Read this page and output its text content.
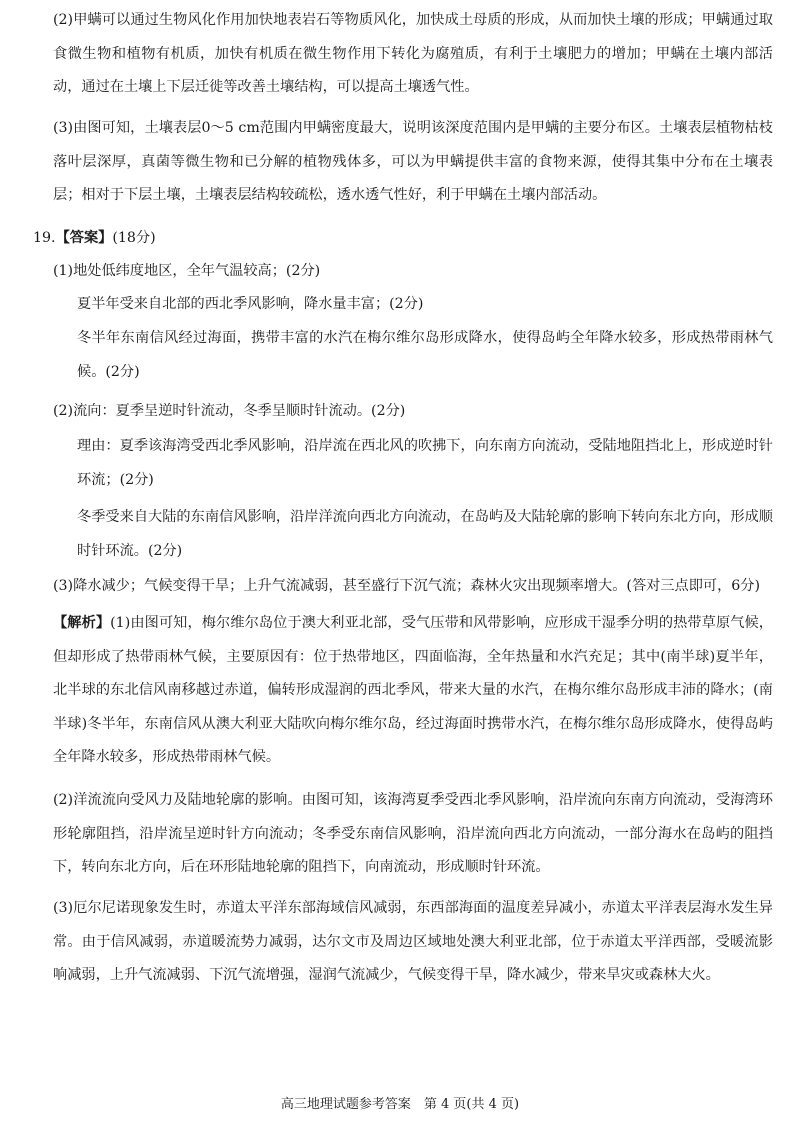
(2)甲螨可以通过生物风化作用加快地表岩石等物质风化，加快成土母质的形成，从而加快土壤的形成；甲螨通过取食微生物和植物有机质，加快有机质在微生物作用下转化为腐殖质，有利于土壤肥力的增加；甲螨在土壤内部活动，通过在土壤上下层迁徙等改善土壤结构，可以提高土壤透气性。

(3)由图可知，土壤表层0～5 cm范围内甲螨密度最大，说明该深度范围内是甲螨的主要分布区。土壤表层植物枯枝落叶层深厚，真菌等微生物和已分解的植物残体多，可以为甲螨提供丰富的食物来源，使得其集中分布在土壤表层；相对于下层土壤，土壤表层结构较疏松，透水透气性好，利于甲螨在土壤内部活动。

19.【答案】(18分)

(1)地处低纬度地区，全年气温较高；(2分)

夏半年受来自北部的西北季风影响，降水量丰富；(2分)

冬半年东南信风经过海面，携带丰富的水汽在梅尔维尔岛形成降水，使得岛屿全年降水较多，形成热带雨林气候。(2分)

(2)流向：夏季呈逆时针流动，冬季呈顺时针流动。(2分)

理由：夏季该海湾受西北季风影响，沿岸流在西北风的吹拂下，向东南方向流动，受陆地阻挡北上，形成逆时针环流；(2分)

冬季受来自大陆的东南信风影响，沿岸洋流向西北方向流动，在岛屿及大陆轮廓的影响下转向东北方向，形成顺时针环流。(2分)

(3)降水减少；气候变得干旱；上升气流减弱，甚至盛行下沉气流；森林火灾出现频率增大。(答对三点即可，6分)

【解析】(1)由图可知，梅尔维尔岛位于澳大利亚北部，受气压带和风带影响，应形成干湿季分明的热带草原气候，但却形成了热带雨林气候，主要原因有：位于热带地区，四面临海，全年热量和水汽充足；其中(南半球)夏半年，北半球的东北信风南移越过赤道，偏转形成湿润的西北季风，带来大量的水汽，在梅尔维尔岛形成丰沛的降水；(南半球)冬半年，东南信风从澳大利亚大陆吹向梅尔维尔岛，经过海面时携带水汽，在梅尔维尔岛形成降水，使得岛屿全年降水较多，形成热带雨林气候。

(2)洋流流向受风力及陆地轮廓的影响。由图可知，该海湾夏季受西北季风影响，沿岸流向东南方向流动，受海湾环形轮廓阻挡，沿岸流呈逆时针方向流动；冬季受东南信风影响，沿岸流向西北方向流动，一部分海水在岛屿的阻挡下，转向东北方向，后在环形陆地轮廓的阻挡下，向南流动，形成顺时针环流。

(3)厄尔尼诺现象发生时，赤道太平洋东部海域信风减弱，东西部海面的温度差异减小，赤道太平洋表层海水发生异常。由于信风减弱，赤道暖流势力减弱，达尔文市及周边区域地处澳大利亚北部，位于赤道太平洋西部，受暖流影响减弱，上升气流减弱、下沉气流增强，湿润气流减少，气候变得干旱，降水减少，带来旱灾或森林大火。

高三地理试题参考答案　第 4 页(共 4 页)
